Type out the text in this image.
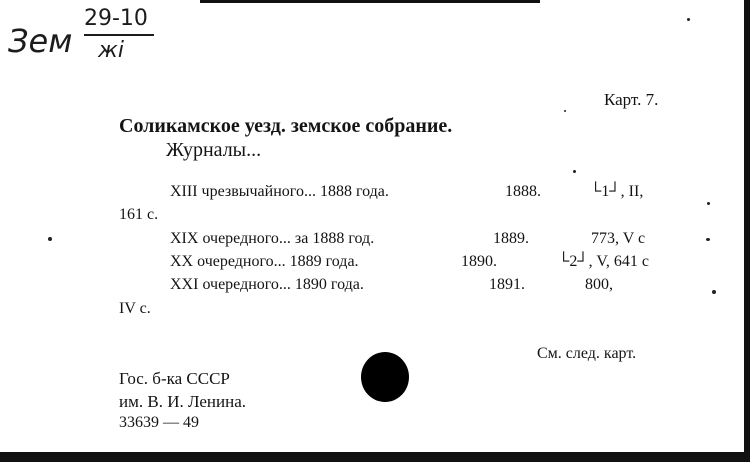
Зем
29-10
жі
Карт. 7.
Соликамское уезд. земское собрание.
Журналы...
XIII чрезвычайного... 1888 года.	1888.	└1┘, II,
161 с.
XIX очередного... за 1888 год.	1889.	773, V с
XX очередного... 1889 года.	1890.	└2┘, V, 641 с
XXI очередного... 1890 года.	1891.	800,
IV с.
См. след. карт.
Гос. б-ка СССР
им. В. И. Ленина.
33639 — 49
